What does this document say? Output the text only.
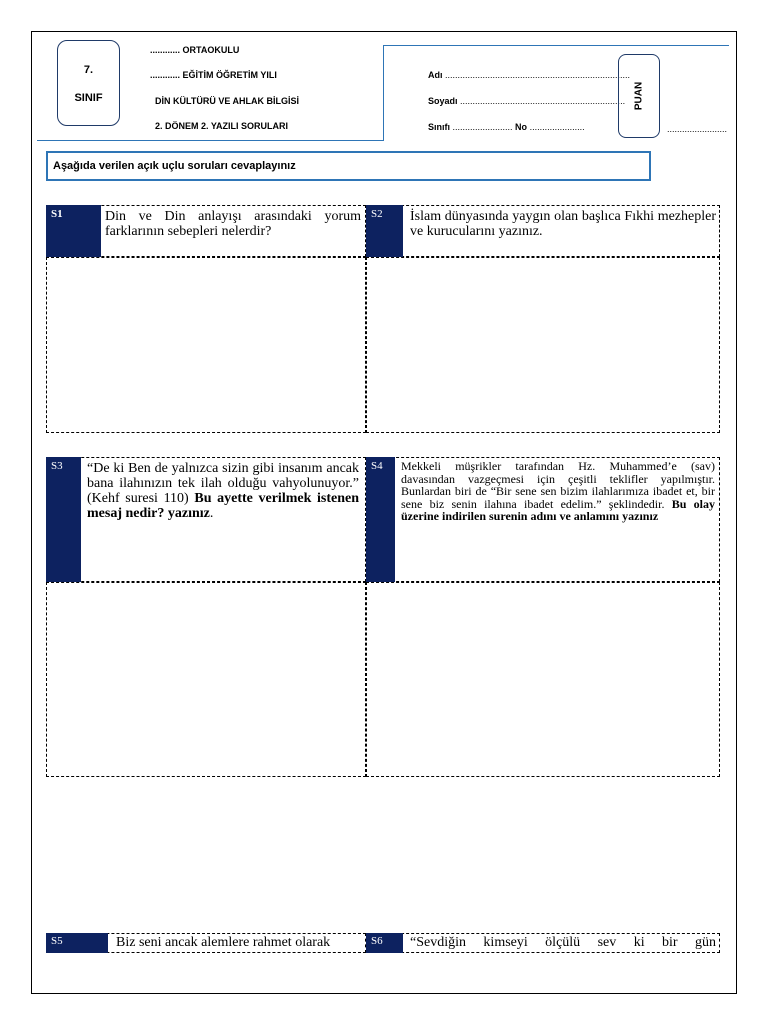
7.
SINIF
............ ORTAOKULU
............ EĞİTİM ÖĞRETİM YILI
DİN KÜLTÜRÜ VE AHLAK BİLGİSİ
2. DÖNEM 2. YAZILI SORULARI
Adı ..........................................................................
Soyadı ..................................................................
Sınıfı ........................ No ......................
PUAN
........................
Aşağıda verilen açık uçlu soruları cevaplayınız
S1	Din ve Din anlayışı arasındaki yorum farklarının sebepleri nelerdir?
S2	İslam dünyasında yaygın olan başlıca Fıkhi mezhepler ve kurucularını yazınız.
S3	“De ki Ben de yalnızca sizin gibi insanım ancak bana ilahınızın tek ilah olduğu vahyolunuyor.” (Kehf suresi 110) Bu ayette verilmek istenen mesaj nedir? yazınız.
S4	Mekkeli müşrikler tarafından Hz. Muhammed’e (sav) davasından vazgeçmesi için çeşitli teklifler yapılmıştır. Bunlardan biri de “Bir sene sen bizim ilahlarımıza ibadet et, bir sene biz senin ilahına ibadet edelim.” şeklindedir. Bu olay üzerine indirilen surenin adını ve anlamını yazınız
S5	Biz seni ancak alemlere rahmet olarak	S6	“Sevdiğin kimseyi ölçülü sev ki bir gün
